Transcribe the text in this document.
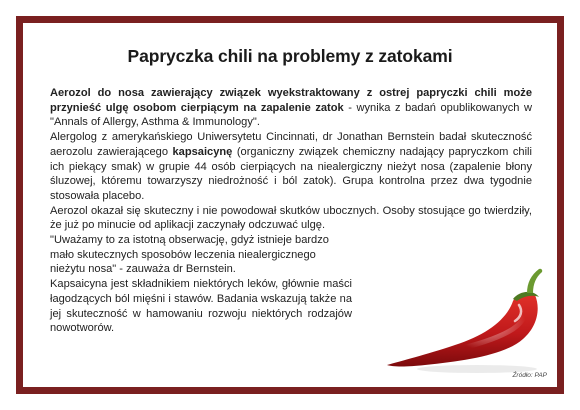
Papryczka chili na problemy z zatokami

Aerozol do nosa zawierający związek wyekstraktowany z ostrej papryczki chili może przynieść ulgę osobom cierpiącym na zapalenie zatok - wynika z badań opublikowanych w "Annals of Allergy, Asthma & Immunology".

Alergolog z amerykańskiego Uniwersytetu Cincinnati, dr Jonathan Bernstein badał skuteczność aerozolu zawierającego kapsaicynę (organiczny związek chemiczny nadający papryczkom chili ich piekący smak) w grupie 44 osób cierpiących na niealergiczny nieżyt nosa (zapalenie błony śluzowej, któremu towarzyszy niedrożność i ból zatok). Grupa kontrolna przez dwa tygodnie stosowała placebo.

Aerozol okazał się skuteczny i nie powodował skutków ubocznych. Osoby stosujące go twierdziły, że już po minucie od aplikacji zaczynały odczuwać ulgę.

"Uważamy to za istotną obserwację, gdyż istnieje bardzo mało skutecznych sposobów leczenia niealergicznego nieżytu nosa" - zauważa dr Bernstein.

Kapsaicyna jest składnikiem niektórych leków, głównie maści łagodzących ból mięśni i stawów. Badania wskazują także na jej skuteczność w hamowaniu rozwoju niektórych rodzajów nowotworów.

Źródło: PAP
